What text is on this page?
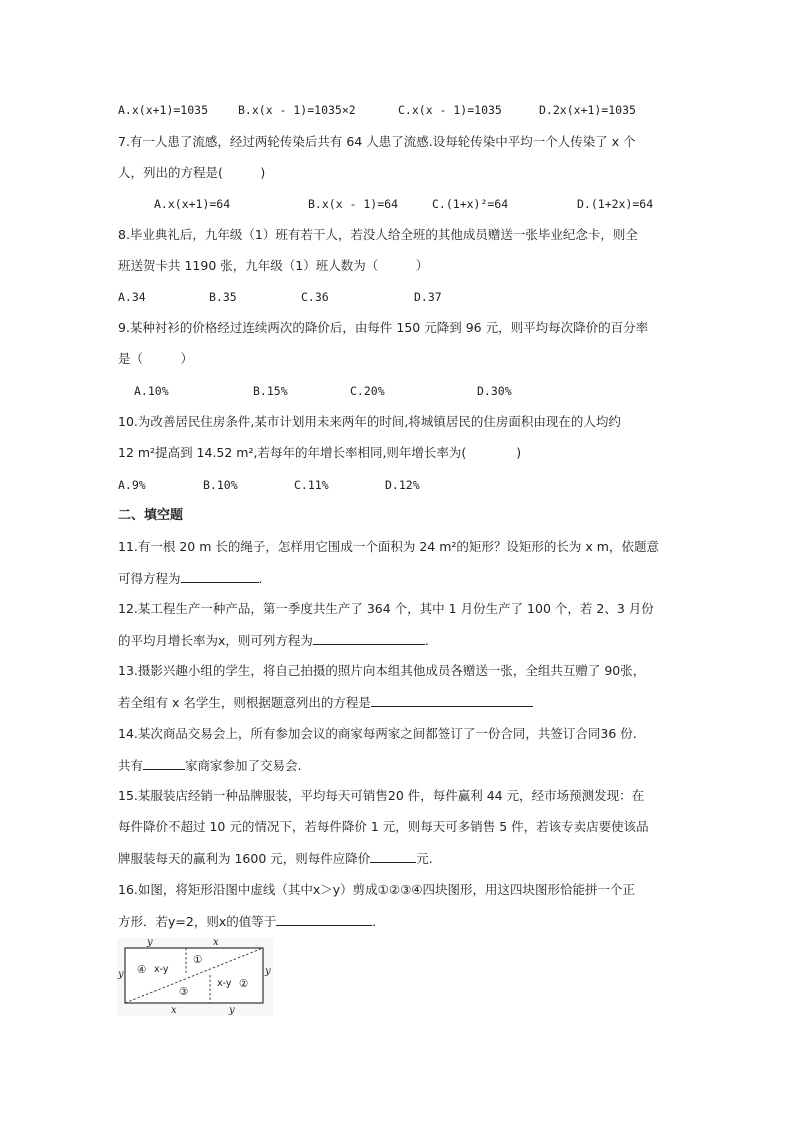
A.x(x+1)=1035	B.x(x - 1)=1035×2	C.x(x - 1)=1035	D.2x(x+1)=1035
7.有一人患了流感，经过两轮传染后共有 64 人患了流感.设每轮传染中平均一个人传染了 x 个
人，列出的方程是(　　　)
A.x(x+1)=64	B.x(x - 1)=64	C.(1+x)²=64	D.(1+2x)=64
8.毕业典礼后，九年级（1）班有若干人，若没人给全班的其他成员赠送一张毕业纪念卡，则全
班送贺卡共 1190 张，九年级（1）班人数为（　　　）
A.34	B.35	C.36	D.37
9.某种衬衫的价格经过连续两次的降价后，由每件 150 元降到 96 元，则平均每次降价的百分率
是（　　　）
A.10%	B.15%	C.20%	D.30%
10.为改善居民住房条件,某市计划用未来两年的时间,将城镇居民的住房面积由现在的人均约
12 m²提高到 14.52 m²,若每年的年增长率相同,则年增长率为(　　　　)
A.9%	B.10%	C.11%	D.12%
二、填空题
11.有一根 20 m 长的绳子，怎样用它围成一个面积为 24 m²的矩形？设矩形的长为 x m，依题意
可得方程为	.
12.某工程生产一种产品，第一季度共生产了 364 个，其中 1 月份生产了 100 个，若 2、3 月份
的平均月增长率为x，则可列方程为	.
13.摄影兴趣小组的学生，将自己拍摄的照片向本组其他成员各赠送一张，全组共互赠了 90张，
若全组有 x 名学生，则根据题意列出的方程是
14.某次商品交易会上，所有参加会议的商家每两家之间都签订了一份合同，共签订合同36 份.
共有	家商家参加了交易会.
15.某服装店经销一种品牌服装，平均每天可销售20 件，每件赢利 44 元，经市场预测发现：在
每件降价不超过 10 元的情况下，若每件降价 1 元，则每天可多销售 5 件，若该专卖店要使该品
牌服装每天的赢利为 1600 元，则每件应降价	元.
16.如图，将矩形沿图中虚线（其中x＞y）剪成①②③④四块图形，用这四块图形恰能拼一个正
方形．若y=2，则x的值等于	．
y	x
y	y
x	y
④ x-y
①
x-y ②
③
